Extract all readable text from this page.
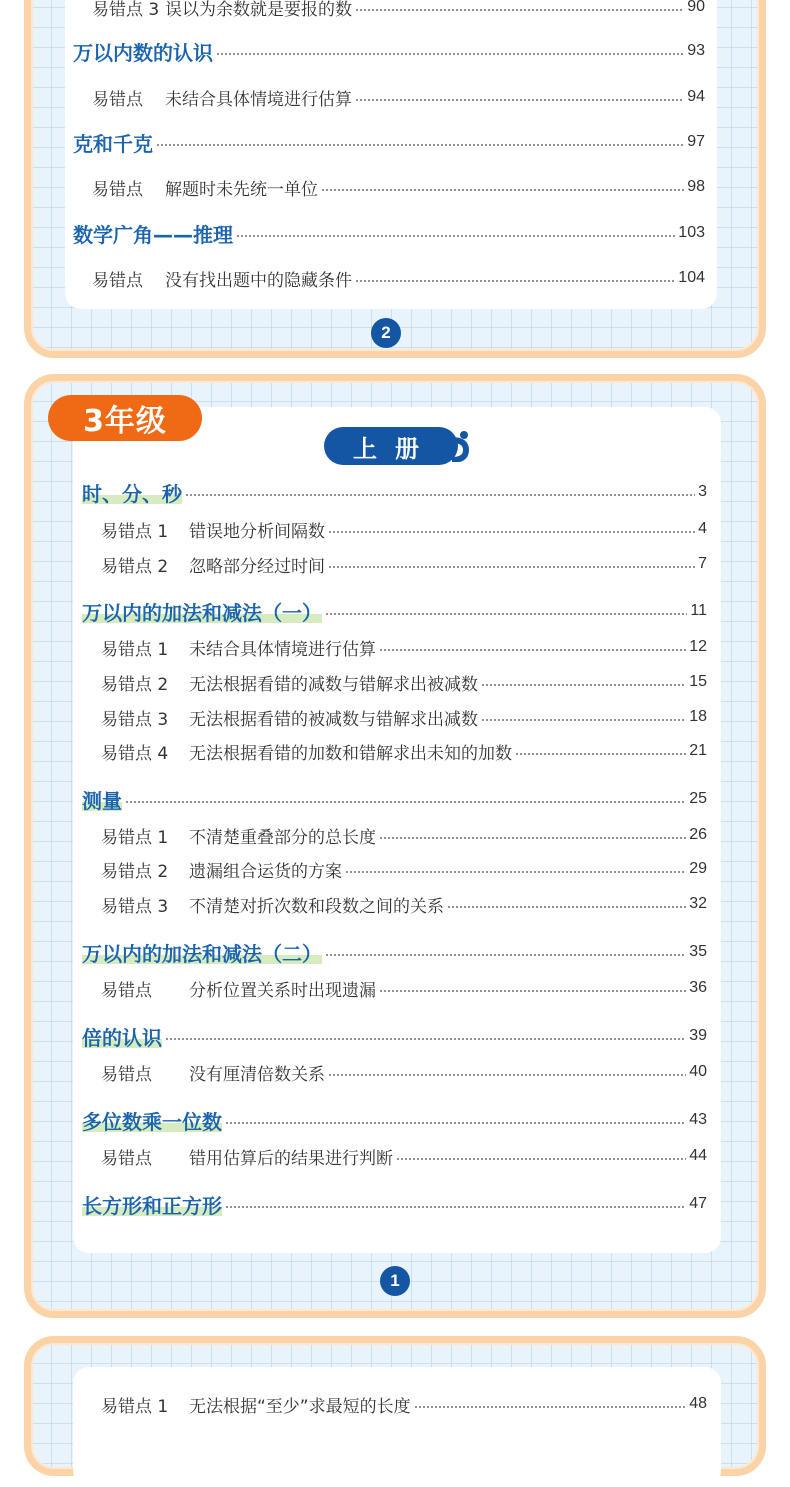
易错点 3 误以为余数就是要报的数	90
万以内数的认识	93
易错点	未结合具体情境进行估算	94
克和千克	97
易错点	解题时未先统一单位	98
数学广角——推理	103
易错点	没有找出题中的隐藏条件	104
2
时、分、秒	3
易错点 1	错误地分析间隔数	4
易错点 2	忽略部分经过时间	7
万以内的加法和减法（一）	11
易错点 1	未结合具体情境进行估算	12
易错点 2	无法根据看错的减数与错解求出被减数	15
易错点 3	无法根据看错的被减数与错解求出减数	18
易错点 4	无法根据看错的加数和错解求出未知的加数	21
测量	25
易错点 1	不清楚重叠部分的总长度	26
易错点 2	遗漏组合运货的方案	29
易错点 3	不清楚对折次数和段数之间的关系	32
万以内的加法和减法（二）	35
易错点	分析位置关系时出现遗漏	36
倍的认识	39
易错点	没有厘清倍数关系	40
多位数乘一位数	43
易错点	错用估算后的结果进行判断	44
长方形和正方形	47
1
3年级
上册
易错点 1	无法根据“至少”求最短的长度	48
